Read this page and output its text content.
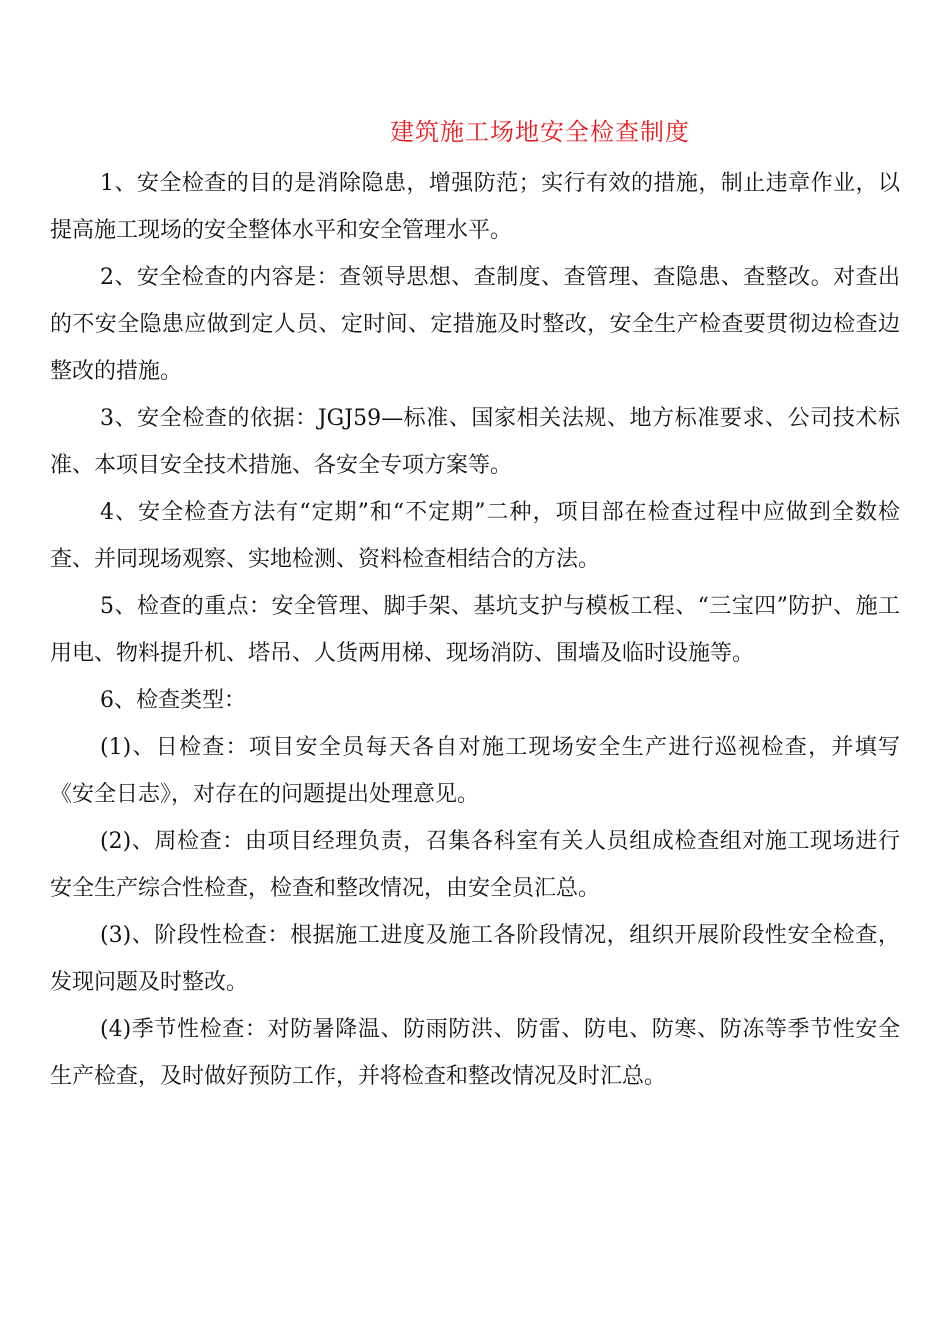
建筑施工场地安全检查制度

1、安全检查的目的是消除隐患，增强防范；实行有效的措施，制止违章作业，以提高施工现场的安全整体水平和安全管理水平。

2、安全检查的内容是：查领导思想、查制度、查管理、查隐患、查整改。对查出的不安全隐患应做到定人员、定时间、定措施及时整改，安全生产检查要贯彻边检查边整改的措施。

3、安全检查的依据：JGJ59—标准、国家相关法规、地方标准要求、公司技术标准、本项目安全技术措施、各安全专项方案等。

4、安全检查方法有“定期”和“不定期”二种，项目部在检查过程中应做到全数检查、并同现场观察、实地检测、资料检查相结合的方法。

5、检查的重点：安全管理、脚手架、基坑支护与模板工程、“三宝四”防护、施工用电、物料提升机、塔吊、人货两用梯、现场消防、围墙及临时设施等。

6、检查类型：

(1)、日检查：项目安全员每天各自对施工现场安全生产进行巡视检查，并填写《安全日志》，对存在的问题提出处理意见。

(2)、周检查：由项目经理负责，召集各科室有关人员组成检查组对施工现场进行安全生产综合性检查，检查和整改情况，由安全员汇总。

(3)、阶段性检查：根据施工进度及施工各阶段情况，组织开展阶段性安全检查，发现问题及时整改。

(4)季节性检查：对防暑降温、防雨防洪、防雷、防电、防寒、防冻等季节性安全生产检查，及时做好预防工作，并将检查和整改情况及时汇总。
